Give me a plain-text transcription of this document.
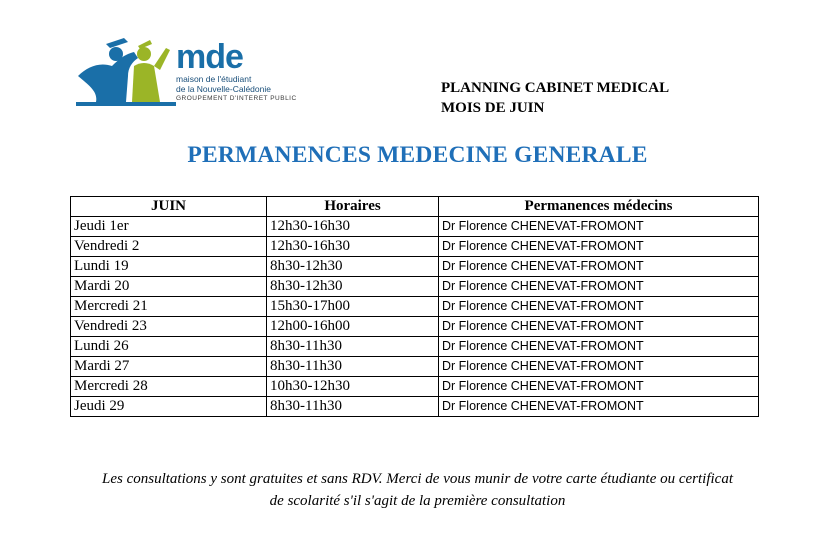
mde
maison de l'étudiant
de la Nouvelle-Calédonie
GROUPEMENT D'INTERET PUBLIC
PLANNING CABINET MEDICAL
MOIS DE JUIN
PERMANENCES MEDECINE GENERALE
JUIN	Horaires	Permanences médecins
Jeudi 1er	12h30-16h30	Dr Florence CHENEVAT-FROMONT
Vendredi 2	12h30-16h30	Dr Florence CHENEVAT-FROMONT
Lundi 19	8h30-12h30	Dr Florence CHENEVAT-FROMONT
Mardi 20	8h30-12h30	Dr Florence CHENEVAT-FROMONT
Mercredi 21	15h30-17h00	Dr Florence CHENEVAT-FROMONT
Vendredi 23	12h00-16h00	Dr Florence CHENEVAT-FROMONT
Lundi 26	8h30-11h30	Dr Florence CHENEVAT-FROMONT
Mardi 27	8h30-11h30	Dr Florence CHENEVAT-FROMONT
Mercredi 28	10h30-12h30	Dr Florence CHENEVAT-FROMONT
Jeudi 29	8h30-11h30	Dr Florence CHENEVAT-FROMONT
Les consultations y sont gratuites et sans RDV. Merci de vous munir de votre carte étudiante ou certificat
de scolarité s'il s'agit de la première consultation
